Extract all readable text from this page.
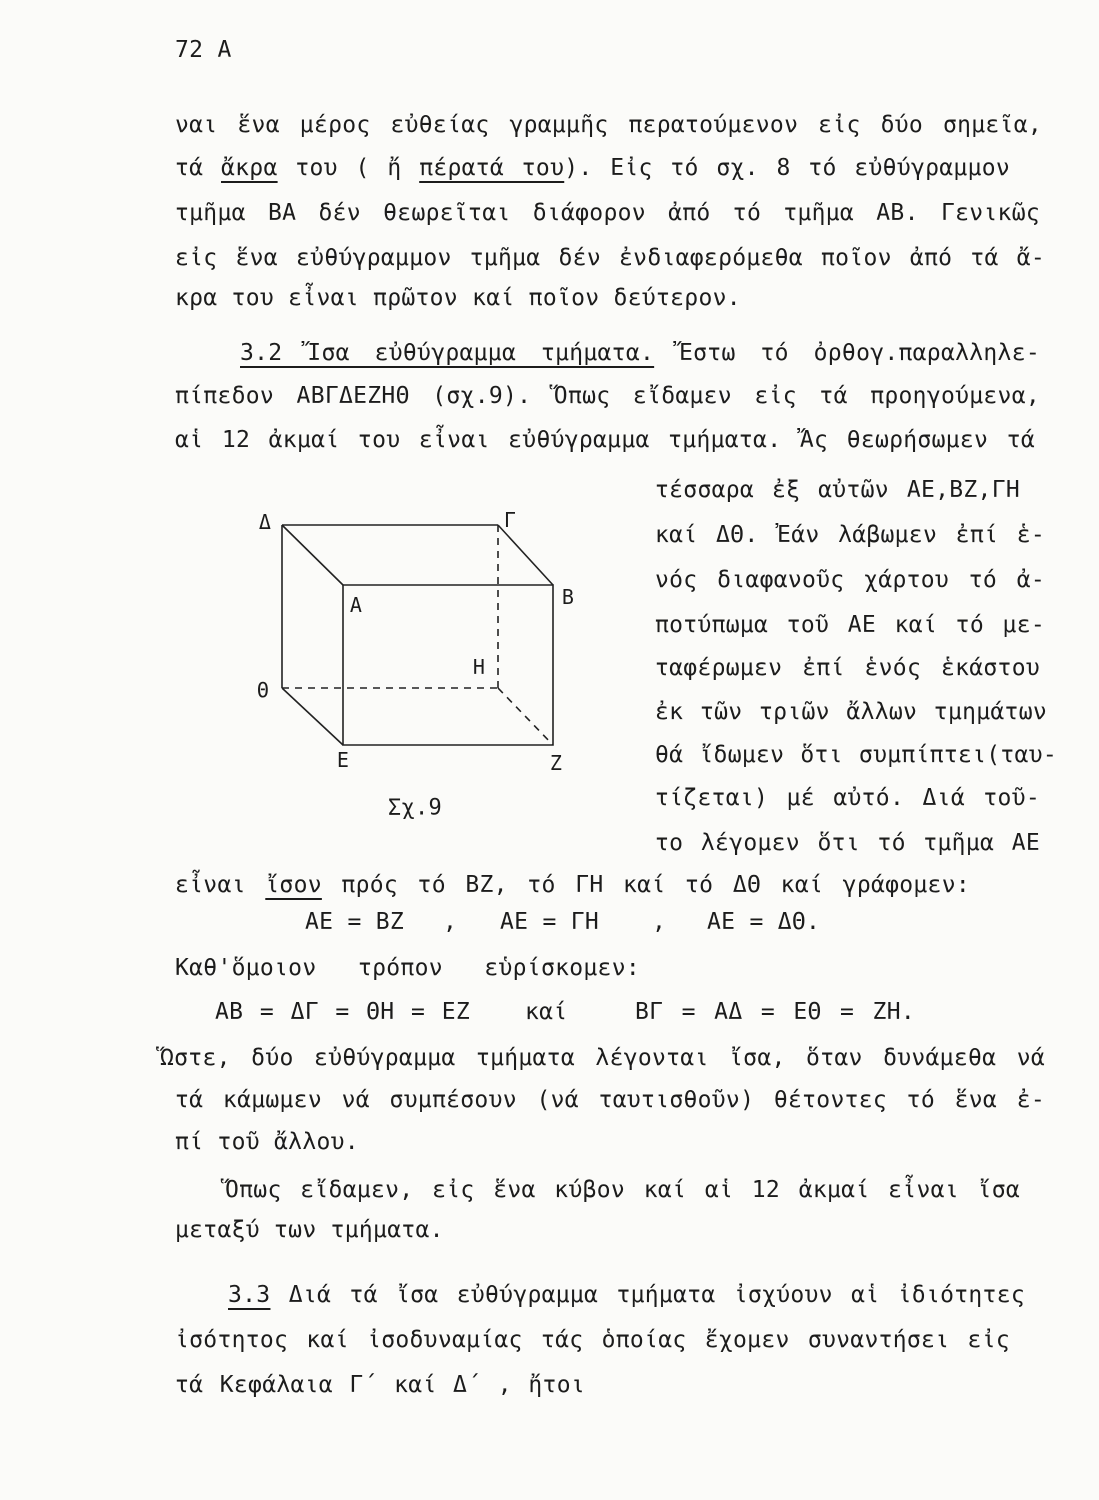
72 Α
ναι ἕνα μέρος εὐθείας γραμμῆς περατούμενον εἰς δύο σημεῖα,
τά ἄκρα του ( ἤ πέρατά του). Εἰς τό σχ. 8 τό εὐθύγραμμον
τμῆμα ΒΑ δέν θεωρεῖται διάφορον ἀπό τό τμῆμα ΑΒ. Γενικῶς
εἰς ἕνα εὐθύγραμμον τμῆμα δέν ἐνδιαφερόμεθα ποῖον ἀπό τά ἄ-
κρα του εἶναι πρῶτον καί ποῖον δεύτερον.
3.2 Ἴσα εὐθύγραμμα τμήματα. Ἔστω τό ὀρθογ.παραλληλε-
πίπεδον ΑΒΓΔΕΖΗΘ (σχ.9). Ὅπως εἴδαμεν εἰς τά προηγούμενα,
αἱ 12 ἀκμαί του εἶναι εὐθύγραμμα τμήματα. Ἄς θεωρήσωμεν τά
τέσσαρα ἐξ αὐτῶν ΑΕ,ΒΖ,ΓΗ
καί ΔΘ. Ἐάν λάβωμεν ἐπί ἑ-
νός διαφανοῦς χάρτου τό ἀ-
ποτύπωμα τοῦ ΑΕ καί τό με-
ταφέρωμεν ἐπί ἑνός ἑκάστου
ἐκ τῶν τριῶν ἄλλων τμημάτων
θά ἴδωμεν ὅτι συμπίπτει(ταυ-
τίζεται) μέ αὐτό. Διά τοῦ-
το λέγομεν ὅτι τό τμῆμα ΑΕ
Δ	Γ
Α	Β
Η
Θ
Ε	Ζ
Σχ.9
εἶναι ἴσον πρός τό ΒΖ, τό ΓΗ καί τό ΔΘ καί γράφομεν:
ΑΕ = ΒΖ , ΑΕ = ΓΗ , ΑΕ = ΔΘ.
Καθ'ὅμοιον τρόπον εὑρίσκομεν:
ΑΒ = ΔΓ = ΘΗ = ΕΖ καί	ΒΓ = ΑΔ = ΕΘ = ΖΗ.
Ὥστε, δύο εὐθύγραμμα τμήματα λέγονται ἴσα, ὅταν δυνάμεθα νά
τά κάμωμεν νά συμπέσουν (νά ταυτισθοῦν) θέτοντες τό ἕνα ἐ-
πί τοῦ ἄλλου.
Ὅπως εἴδαμεν, εἰς ἕνα κύβον καί αἱ 12 ἀκμαί εἶναι ἴσα
μεταξύ των τμήματα.
3.3 Διά τά ἴσα εὐθύγραμμα τμήματα ἰσχύουν αἱ ἰδιότητες
ἰσότητος καί ἰσοδυναμίας τάς ὁποίας ἔχομεν συναντήσει εἰς
τά Κεφάλαια Γ΄ καί Δ΄ , ἤτοι
